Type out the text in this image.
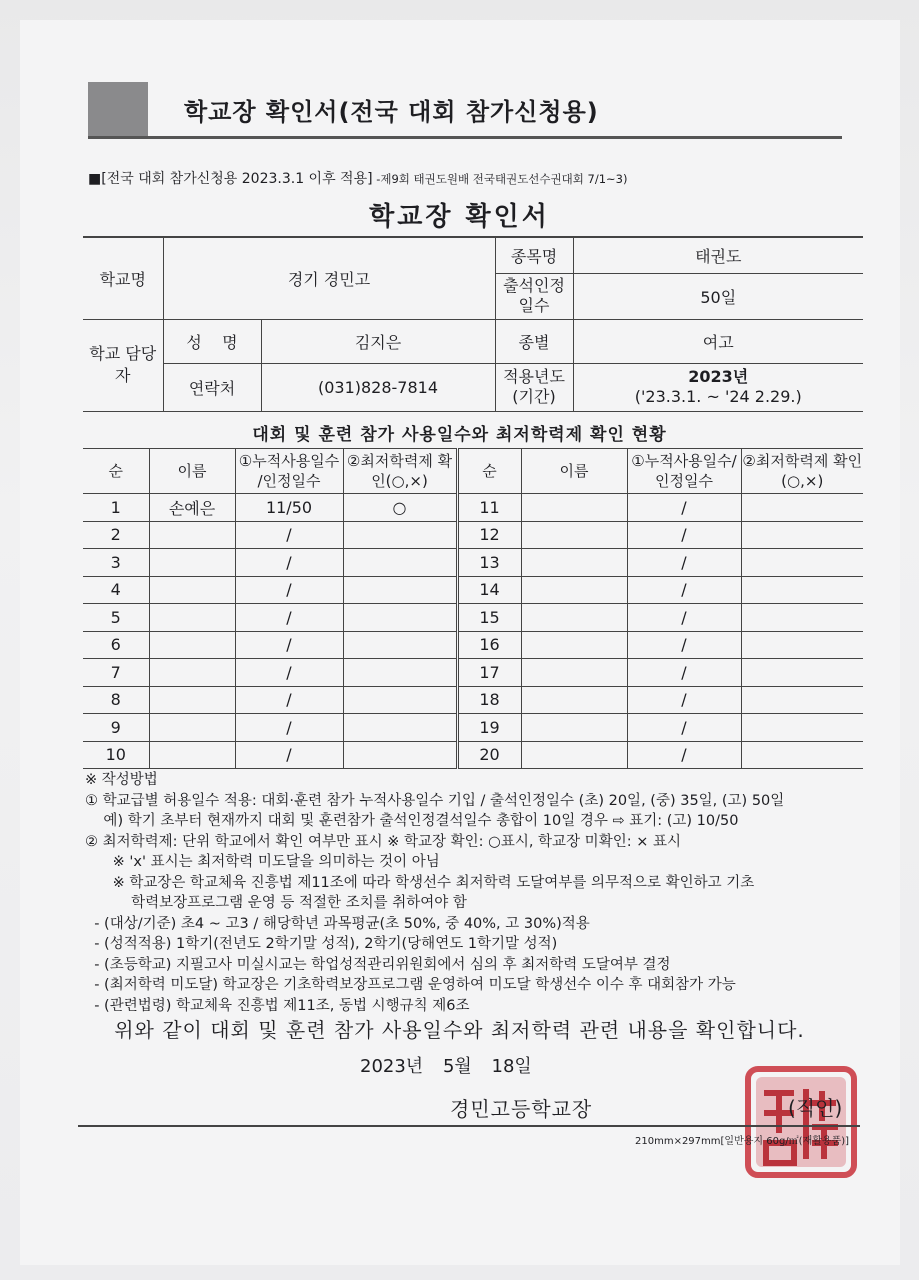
학교장 확인서(전국 대회 참가신청용)
■[전국 대회 참가신청용 2023.3.1 이후 적용] -제9회 태권도원배 전국태권도선수권대회 7/1~3)
학교장 확인서
학교명	경기 경민고		종목명	태권도
			출석인정 일수	50일
학교 담당자	성    명	김지은	종별	여고
	연락처	(031)828-7814	적용년도 (기간)	2023년
('23.3.1. ~ '24 2.29.)
대회 및 훈련 참가 사용일수와 최저학력제 확인 현황
순	이름	①누적사용일수 /인정일수	②최저학력제 확인(○,×)	순	이름	①누적사용일수/ 인정일수	②최저학력제 확인(○,×)
1	손예은	11/50	○	11		/	
2		/		12		/	
3		/		13		/	
4		/		14		/	
5		/		15		/	
6		/		16		/	
7		/		17		/	
8		/		18		/	
9		/		19		/	
10		/		20		/	
※ 작성방법
① 학교급별 허용일수 적용: 대회·훈련 참가 누적사용일수 기입 / 출석인정일수 (초) 20일, (중) 35일, (고) 50일
예) 학기 초부터 현재까지 대회 및 훈련참가 출석인정결석일수 총합이 10일 경우 ⇨ 표기: (고) 10/50
② 최저학력제: 단위 학교에서 확인 여부만 표시 ※ 학교장 확인: ○표시, 학교장 미확인: × 표시
※ 'x' 표시는 최저학력 미도달을 의미하는 것이 아님
※ 학교장은 학교체육 진흥법 제11조에 따라 학생선수 최저학력 도달여부를 의무적으로 확인하고 기초
학력보장프로그램 운영 등 적절한 조치를 취하여야 함
- (대상/기준) 초4 ~ 고3 / 해당학년 과목평균(초 50%, 중 40%, 고 30%)적용
- (성적적용) 1학기(전년도 2학기말 성적), 2학기(당해연도 1학기말 성적)
- (초등학교) 지필고사 미실시교는 학업성적관리위원회에서 심의 후 최저학력 도달여부 결정
- (최저학력 미도달) 학교장은 기초학력보장프로그램 운영하여 미도달 학생선수 이수 후 대회참가 가능
- (관련법령) 학교체육 진흥법 제11조, 동법 시행규칙 제6조
위와 같이 대회 및 훈련 참가 사용일수와 최저학력 관련 내용을 확인합니다.
2023년 5월 18일
경민고등학교장	(직인)
210mm×297mm[일반용지 60g/㎡(재활용품)]
